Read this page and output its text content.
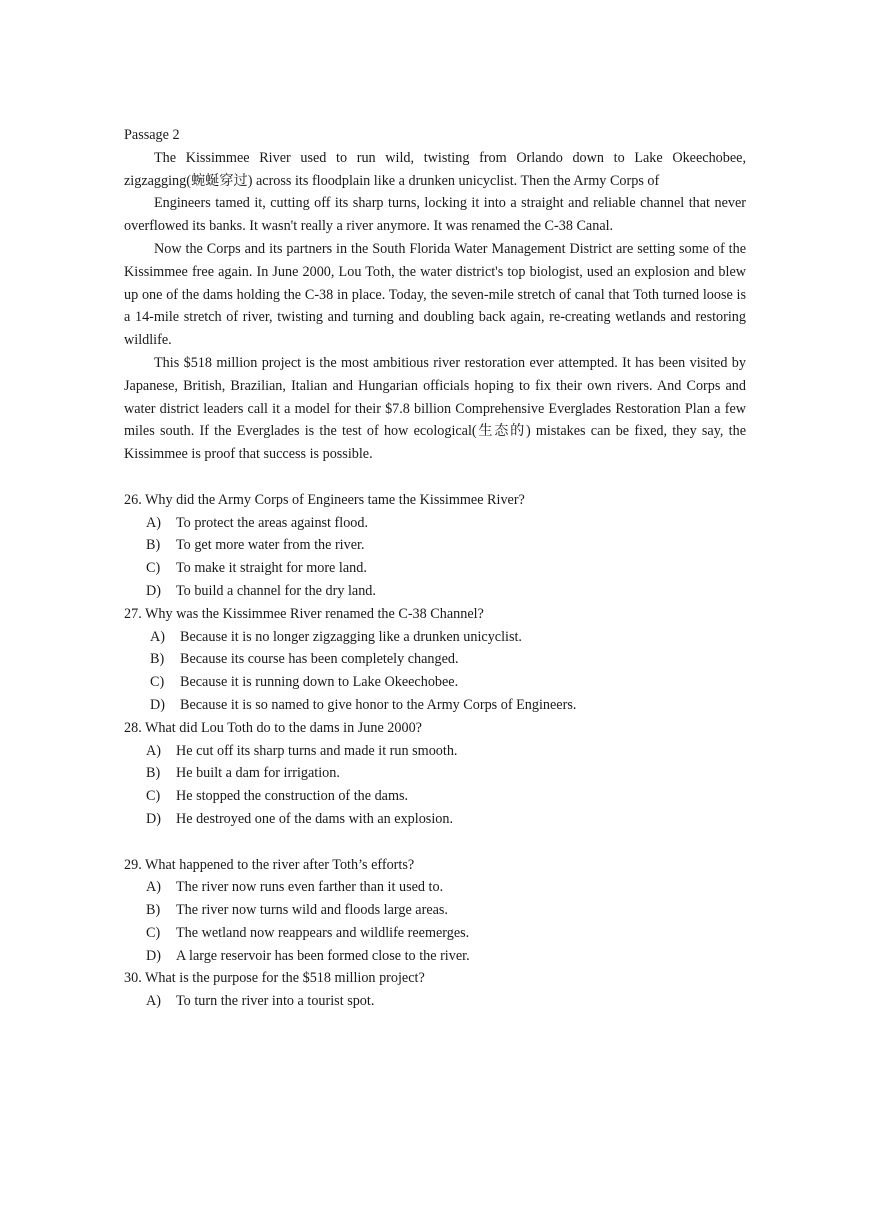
Passage 2

The Kissimmee River used to run wild, twisting from Orlando down to Lake Okeechobee, zigzagging(蜿蜒穿过) across its floodplain like a drunken unicyclist. Then the Army Corps of

Engineers tamed it, cutting off its sharp turns, locking it into a straight and reliable channel that never overflowed its banks. It wasn't really a river anymore. It was renamed the C-38 Canal.

Now the Corps and its partners in the South Florida Water Management District are setting some of the Kissimmee free again. In June 2000, Lou Toth, the water district's top biologist, used an explosion and blew up one of the dams holding the C-38 in place. Today, the seven-mile stretch of canal that Toth turned loose is a 14-mile stretch of river, twisting and turning and doubling back again, re-creating wetlands and restoring wildlife.

This $518 million project is the most ambitious river restoration ever attempted. It has been visited by Japanese, British, Brazilian, Italian and Hungarian officials hoping to fix their own rivers. And Corps and water district leaders call it a model for their $7.8 billion Comprehensive Everglades Restoration Plan a few miles south. If the Everglades is the test of how ecological(生态的) mistakes can be fixed, they say, the Kissimmee is proof that success is possible.

26. Why did the Army Corps of Engineers tame the Kissimmee River?

A)	To protect the areas against flood.
B)	To get more water from the river.
C)	To make it straight for more land.
D)	To build a channel for the dry land.

27. Why was the Kissimmee River renamed the C-38 Channel?

A)	Because it is no longer zigzagging like a drunken unicyclist.
B)	Because its course has been completely changed.
C)	Because it is running down to Lake Okeechobee.
D)	Because it is so named to give honor to the Army Corps of Engineers.

28. What did Lou Toth do to the dams in June 2000?

A)	He cut off its sharp turns and made it run smooth.
B)	He built a dam for irrigation.
C)	He stopped the construction of the dams.
D)	He destroyed one of the dams with an explosion.

29. What happened to the river after Toth’s efforts?

A)	The river now runs even farther than it used to.
B)	The river now turns wild and floods large areas.
C)	The wetland now reappears and wildlife reemerges.
D)	A large reservoir has been formed close to the river.

30. What is the purpose for the $518 million project?

A)	To turn the river into a tourist spot.
